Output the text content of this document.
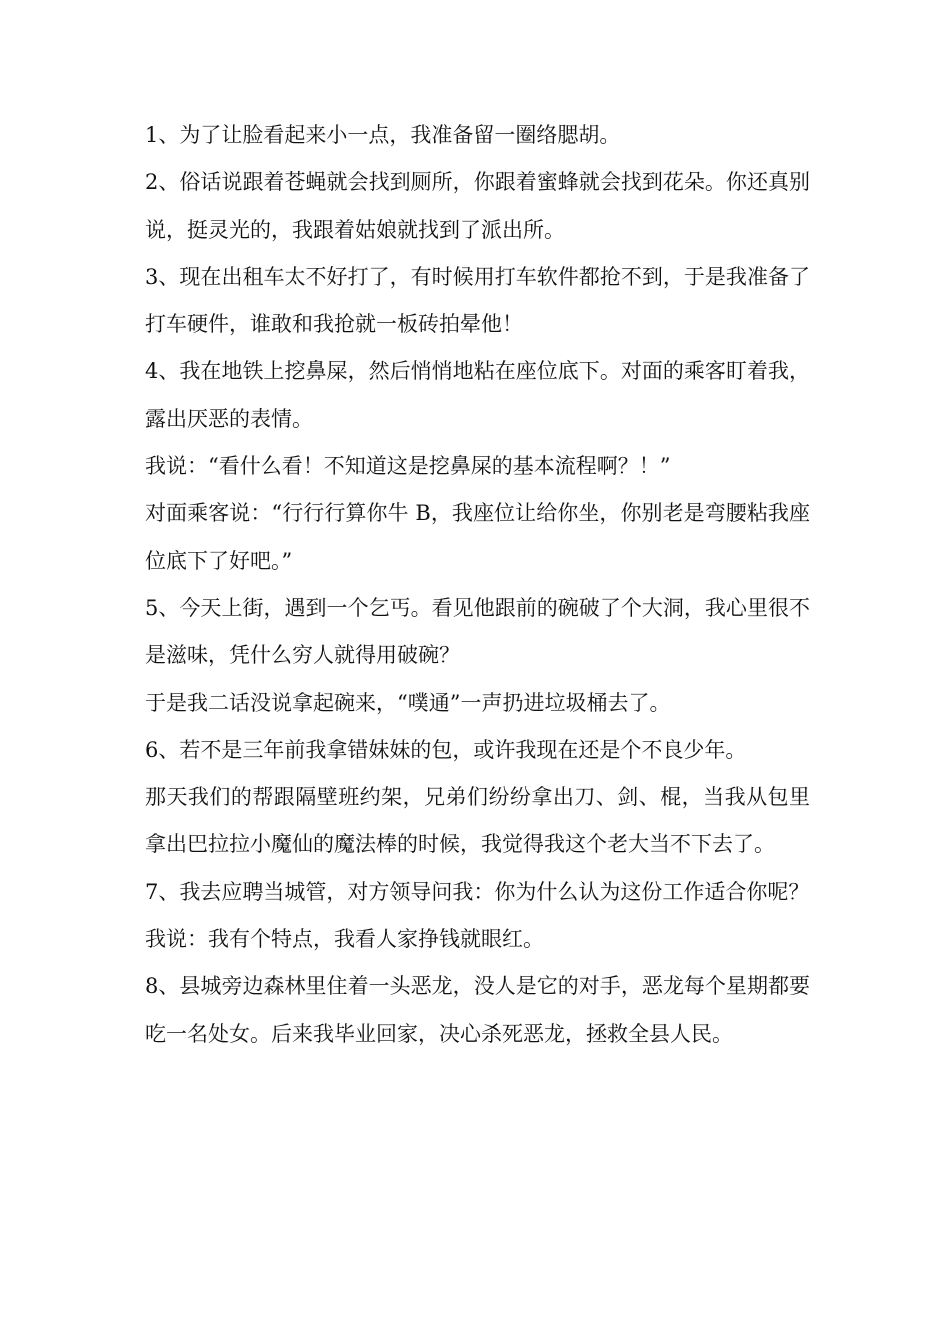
1、为了让脸看起来小一点，我准备留一圈络腮胡。

2、俗话说跟着苍蝇就会找到厕所，你跟着蜜蜂就会找到花朵。你还真别说，挺灵光的，我跟着姑娘就找到了派出所。

3、现在出租车太不好打了，有时候用打车软件都抢不到，于是我准备了打车硬件，谁敢和我抢就一板砖拍晕他！

4、我在地铁上挖鼻屎，然后悄悄地粘在座位底下。对面的乘客盯着我，露出厌恶的表情。

我说：“看什么看！不知道这是挖鼻屎的基本流程啊？！”

对面乘客说：“行行行算你牛 B，我座位让给你坐，你别老是弯腰粘我座位底下了好吧。”

5、今天上街，遇到一个乞丐。看见他跟前的碗破了个大洞，我心里很不是滋味，凭什么穷人就得用破碗？

于是我二话没说拿起碗来，“噗通”一声扔进垃圾桶去了。

6、若不是三年前我拿错妹妹的包，或许我现在还是个不良少年。

那天我们的帮跟隔壁班约架，兄弟们纷纷拿出刀、剑、棍，当我从包里拿出巴拉拉小魔仙的魔法棒的时候，我觉得我这个老大当不下去了。

7、我去应聘当城管，对方领导问我：你为什么认为这份工作适合你呢？

我说：我有个特点，我看人家挣钱就眼红。

8、县城旁边森林里住着一头恶龙，没人是它的对手，恶龙每个星期都要吃一名处女。后来我毕业回家，决心杀死恶龙，拯救全县人民。
